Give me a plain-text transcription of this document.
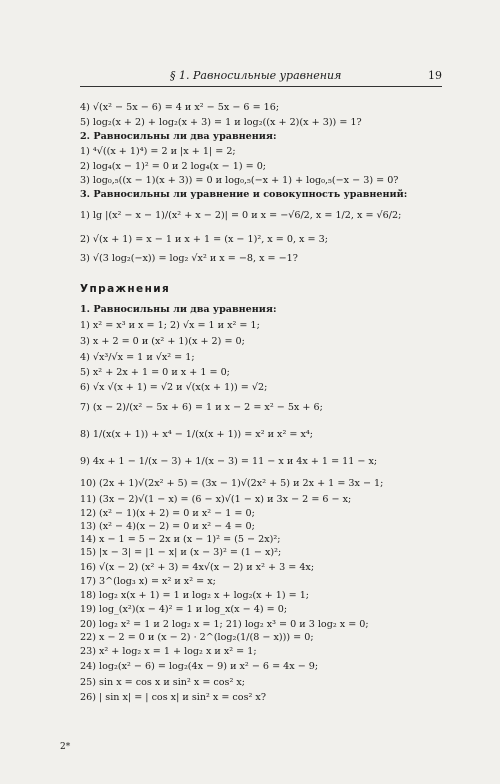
§ 1. Равносильные уравнения	19
4) √(x² − 5x − 6) = 4 и x² − 5x − 6 = 16;
5) log₂(x + 2) + log₂(x + 3) = 1 и log₂((x + 2)(x + 3)) = 1?
2. Равносильны ли два уравнения:
1) ⁴√((x + 1)⁴) = 2 и |x + 1| = 2;
2) log₄(x − 1)² = 0 и 2 log₄(x − 1) = 0;
3) log₀,₅((x − 1)(x + 3)) = 0 и log₀,₅(−x + 1) + log₀,₅(−x − 3) = 0?
3. Равносильны ли уравнение и совокупность уравнений:
1) lg |(x² − x − 1)/(x² + x − 2)| = 0 и x = −√6/2, x = 1/2, x = √6/2;
2) √(x + 1) = x − 1 и x + 1 = (x − 1)², x = 0, x = 3;
3) √(3 log₂(−x)) = log₂ √x² и x = −8, x = −1?
Упражнения
1. Равносильны ли два уравнения:
1) x² = x³ и x = 1; 2) √x = 1 и x² = 1;
3) x + 2 = 0 и (x² + 1)(x + 2) = 0;
4) √x³/√x = 1 и √x² = 1;
5) x² + 2x + 1 = 0 и x + 1 = 0;
6) √x √(x + 1) = √2 и √(x(x + 1)) = √2;
7) (x − 2)/(x² − 5x + 6) = 1 и x − 2 = x² − 5x + 6;
8) 1/(x(x + 1)) + x⁴ − 1/(x(x + 1)) = x² и x² = x⁴;
9) 4x + 1 − 1/(x − 3) + 1/(x − 3) = 11 − x и 4x + 1 = 11 − x;
10) (2x + 1)√(2x² + 5) = (3x − 1)√(2x² + 5) и 2x + 1 = 3x − 1;
11) (3x − 2)√(1 − x) = (6 − x)√(1 − x) и 3x − 2 = 6 − x;
12) (x² − 1)(x + 2) = 0 и x² − 1 = 0;
13) (x² − 4)(x − 2) = 0 и x² − 4 = 0;
14) x − 1 = 5 − 2x и (x − 1)² = (5 − 2x)²;
15) |x − 3| = |1 − x| и (x − 3)² = (1 − x)²;
16) √(x − 2) (x² + 3) = 4x√(x − 2) и x² + 3 = 4x;
17) 3^(log₃ x) = x² и x² = x;
18) log₂ x(x + 1) = 1 и log₂ x + log₂(x + 1) = 1;
19) log_(x²)(x − 4)² = 1 и log_x(x − 4) = 0;
20) log₂ x² = 1 и 2 log₂ x = 1; 21) log₂ x³ = 0 и 3 log₂ x = 0;
22) x − 2 = 0 и (x − 2) · 2^(log₂(1/(8 − x))) = 0;
23) x² + log₂ x = 1 + log₂ x и x² = 1;
24) log₂(x² − 6) = log₂(4x − 9) и x² − 6 = 4x − 9;
25) sin x = cos x и sin² x = cos² x;
26) | sin x| = | cos x| и sin² x = cos² x?
2*
